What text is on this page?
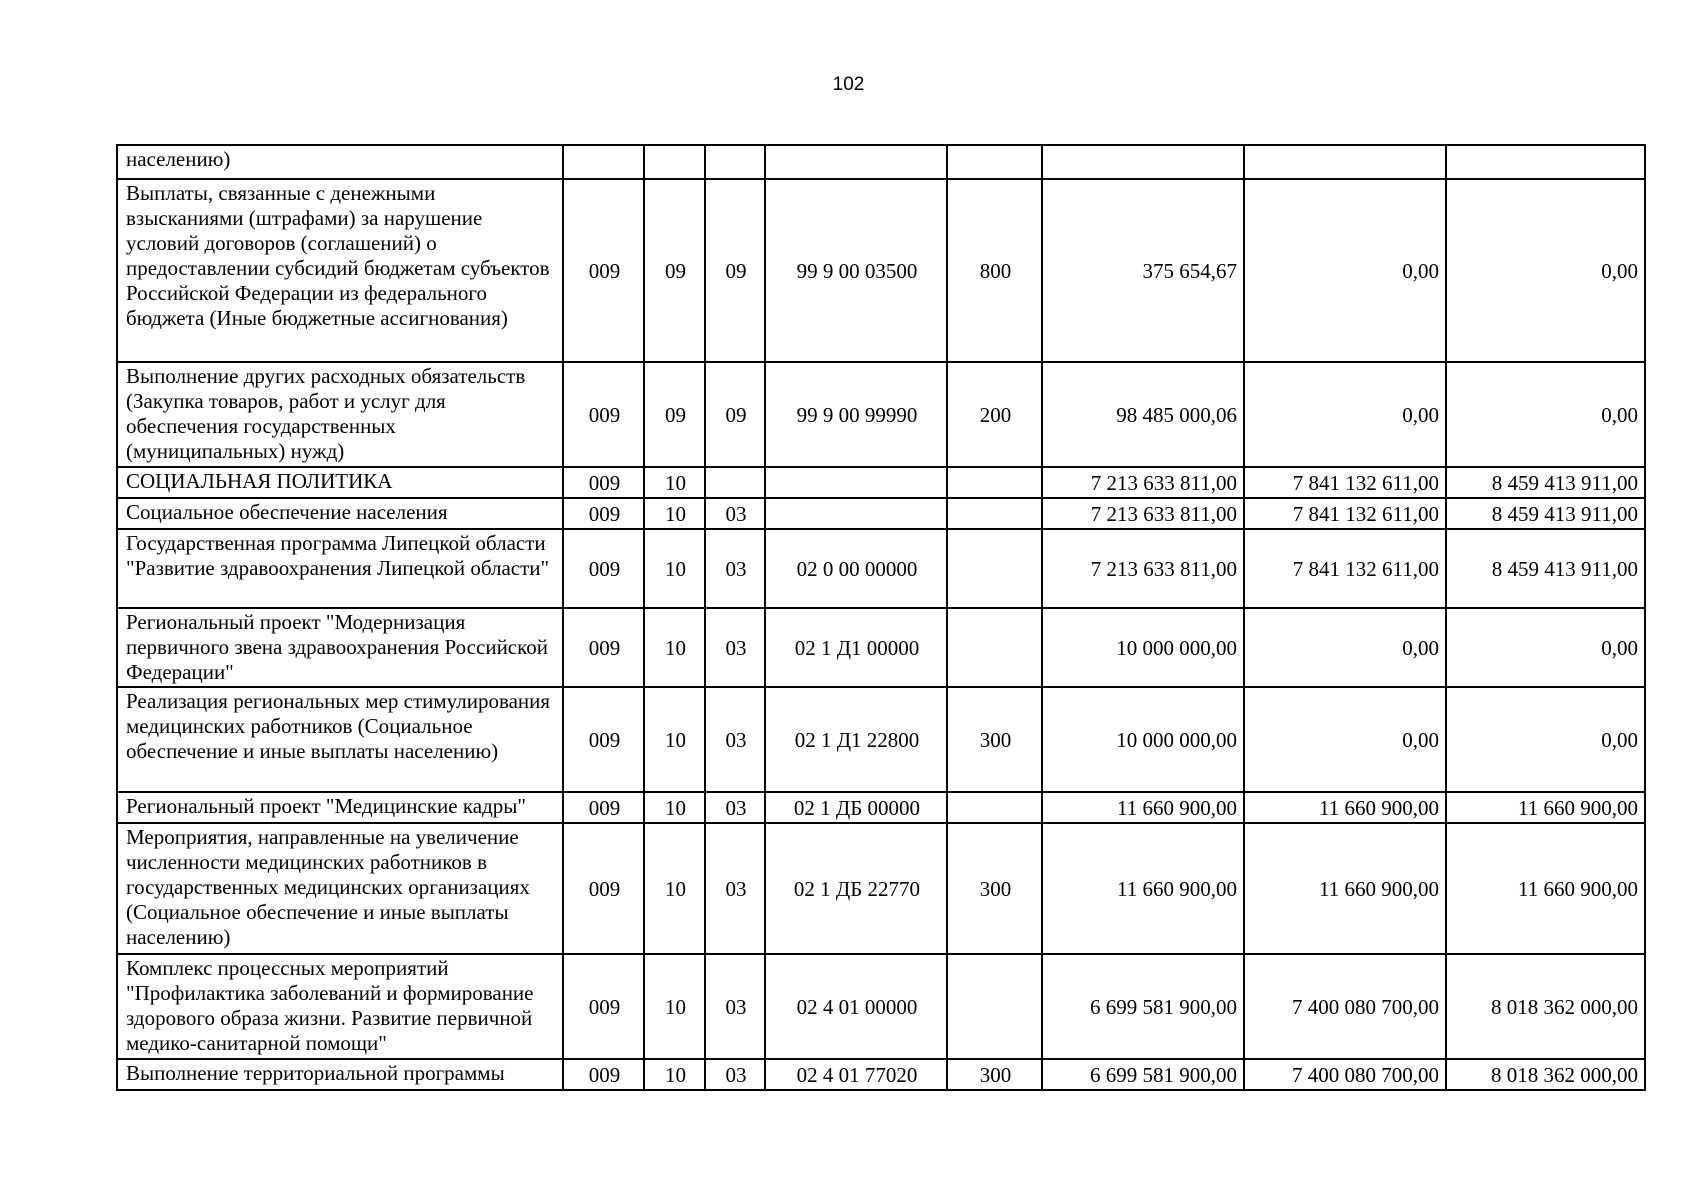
102
населению)								
Выплаты, связанные с денежными взысканиями (штрафами) за нарушение условий договоров (соглашений) о предоставлении субсидий бюджетам субъектов Российской Федерации из федерального бюджета (Иные бюджетные ассигнования)	009	09	09	99 9 00 03500	800	375 654,67	0,00	0,00
Выполнение других расходных обязательств (Закупка товаров, работ и услуг для обеспечения государственных (муниципальных) нужд)	009	09	09	99 9 00 99990	200	98 485 000,06	0,00	0,00
СОЦИАЛЬНАЯ ПОЛИТИКА	009	10				7 213 633 811,00	7 841 132 611,00	8 459 413 911,00
Социальное обеспечение населения	009	10	03			7 213 633 811,00	7 841 132 611,00	8 459 413 911,00
Государственная программа Липецкой области "Развитие здравоохранения Липецкой области"	009	10	03	02 0 00 00000		7 213 633 811,00	7 841 132 611,00	8 459 413 911,00
Региональный проект "Модернизация первичного звена здравоохранения Российской Федерации"	009	10	03	02 1 Д1 00000		10 000 000,00	0,00	0,00
Реализация региональных мер стимулирования медицинских работников (Социальное обеспечение и иные выплаты населению)	009	10	03	02 1 Д1 22800	300	10 000 000,00	0,00	0,00
Региональный проект "Медицинские кадры"	009	10	03	02 1 ДБ 00000		11 660 900,00	11 660 900,00	11 660 900,00
Мероприятия, направленные на увеличение численности медицинских работников в государственных медицинских организациях (Социальное обеспечение и иные выплаты населению)	009	10	03	02 1 ДБ 22770	300	11 660 900,00	11 660 900,00	11 660 900,00
Комплекс процессных мероприятий "Профилактика заболеваний и формирование здорового образа жизни. Развитие первичной медико-санитарной помощи"	009	10	03	02 4 01 00000		6 699 581 900,00	7 400 080 700,00	8 018 362 000,00
Выполнение территориальной программы	009	10	03	02 4 01 77020	300	6 699 581 900,00	7 400 080 700,00	8 018 362 000,00
